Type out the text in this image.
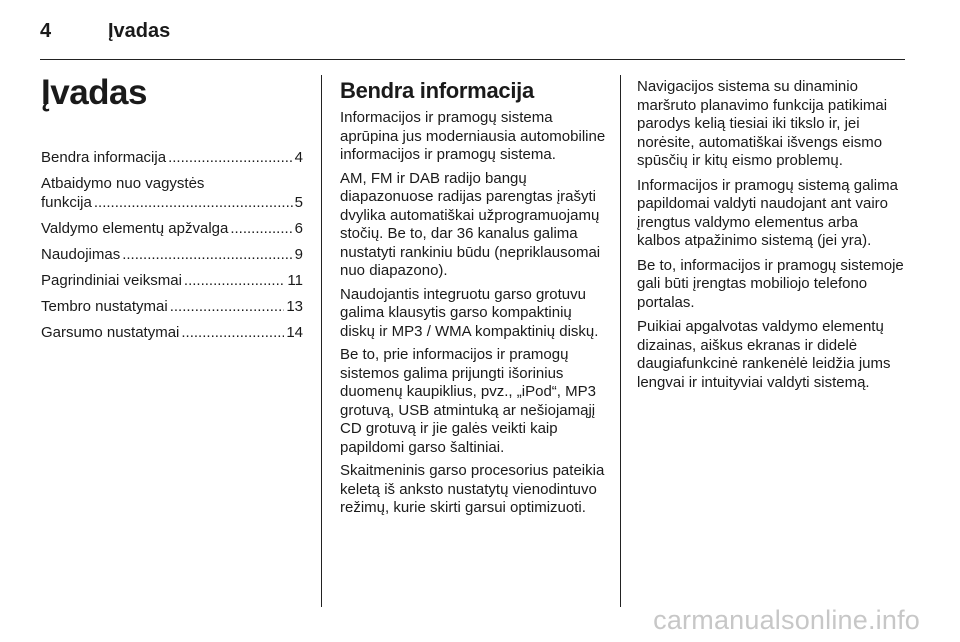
4	Įvadas
Įvadas
Bendra informacija .....	4
Atbaidymo nuo vagystės
funkcija .....	5
Valdymo elementų apžvalga .....	6
Naudojimas .....	9
Pagrindiniai veiksmai .....	11
Tembro nustatymai .....	13
Garsumo nustatymai .....	14
Bendra informacija

Informacijos ir pramogų sistema aprūpina jus moderniausia automobiline informacijos ir pramogų sistema.

AM, FM ir DAB radijo bangų diapazonuose radijas parengtas įrašyti dvylika automatiškai užprogramuojamų stočių. Be to, dar 36 kanalus galima nustatyti rankiniu būdu (nepriklausomai nuo diapazono).

Naudojantis integruotu garso grotuvu galima klausytis garso kompaktinių diskų ir MP3 / WMA kompaktinių diskų.

Be to, prie informacijos ir pramogų sistemos galima prijungti išorinius duomenų kaupiklius, pvz., „iPod“, MP3 grotuvą, USB atmintuką ar nešiojamąjį CD grotuvą ir jie galės veikti kaip papildomi garso šaltiniai.

Skaitmeninis garso procesorius pateikia keletą iš anksto nustatytų vienodintuvo režimų, kurie skirti garsui optimizuoti.

Navigacijos sistema su dinaminio maršruto planavimo funkcija patikimai parodys kelią tiesiai iki tikslo ir, jei norėsite, automatiškai išvengs eismo spūsčių ir kitų eismo problemų.

Informacijos ir pramogų sistemą galima papildomai valdyti naudojant ant vairo įrengtus valdymo elementus arba kalbos atpažinimo sistemą (jei yra).

Be to, informacijos ir pramogų sistemoje gali būti įrengtas mobiliojo telefono portalas.

Puikiai apgalvotas valdymo elementų dizainas, aiškus ekranas ir didelė daugiafunkcinė rankenėlė leidžia jums lengvai ir intuityviai valdyti sistemą.

carmanualsonline.info
